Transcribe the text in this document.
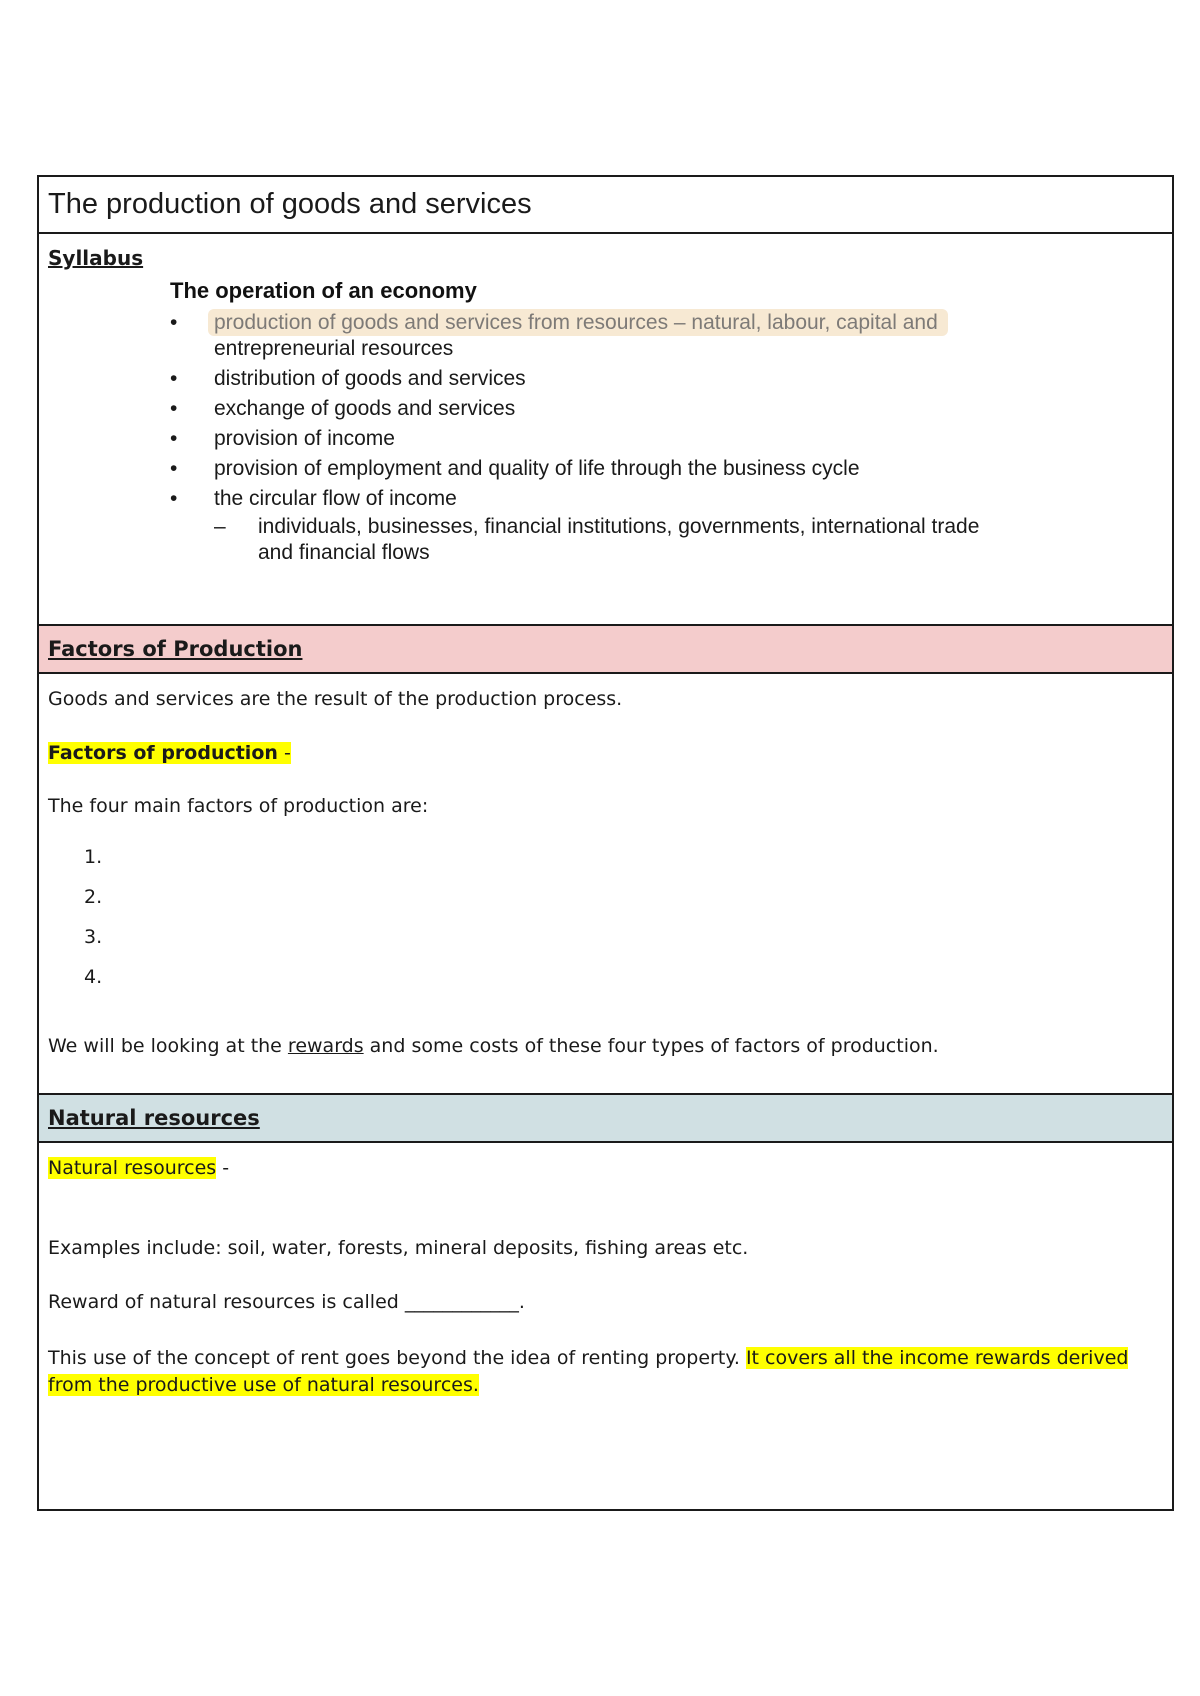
The production of goods and services
Syllabus
The operation of an economy
• production of goods and services from resources – natural, labour, capital and
entrepreneurial resources
• distribution of goods and services
• exchange of goods and services
• provision of income
• provision of employment and quality of life through the business cycle
• the circular flow of income
– individuals, businesses, financial institutions, governments, international trade and financial flows
Factors of Production
Goods and services are the result of the production process.
Factors of production -
The four main factors of production are:
1.
2.
3.
4.
We will be looking at the rewards and some costs of these four types of factors of production.
Natural resources
Natural resources -
Examples include: soil, water, forests, mineral deposits, fishing areas etc.
Reward of natural resources is called ____________.
This use of the concept of rent goes beyond the idea of renting property. It covers all the income rewards derived
from the productive use of natural resources.
